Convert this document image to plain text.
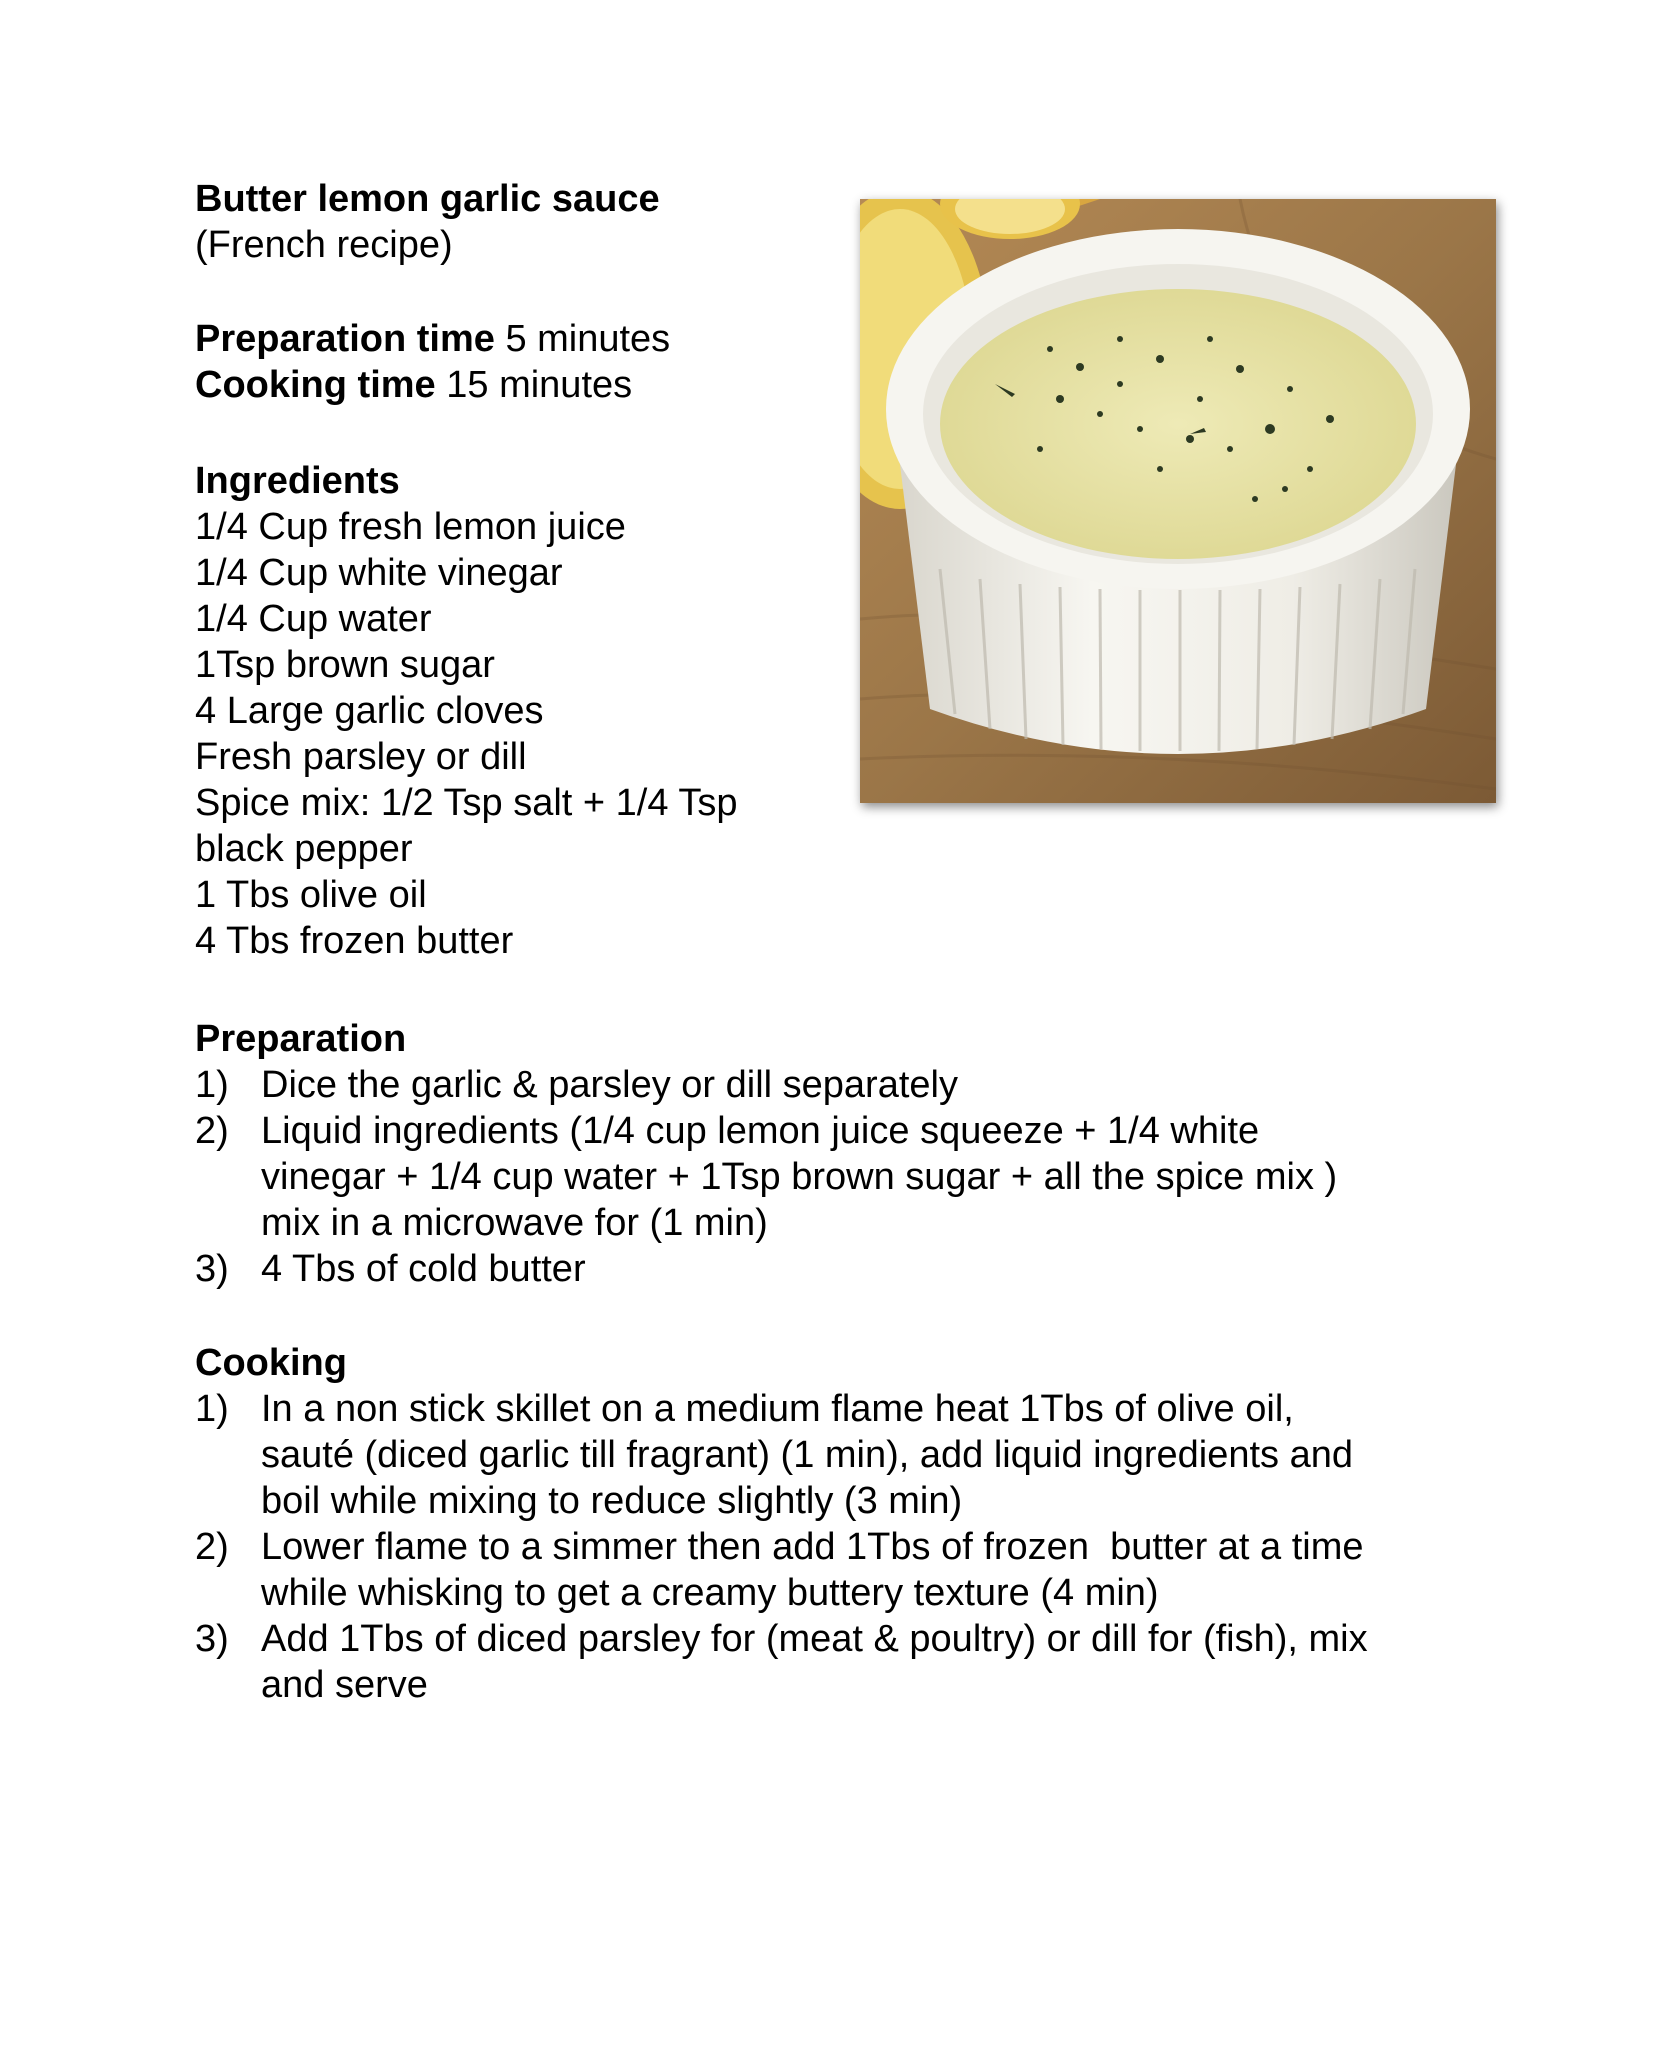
Butter lemon garlic sauce
(French recipe)
Preparation time 5 minutes
Cooking time 15 minutes
Ingredients
1/4 Cup fresh lemon juice
1/4 Cup white vinegar
1/4 Cup water
1Tsp brown sugar
4 Large garlic cloves
Fresh parsley or dill
Spice mix: 1/2 Tsp salt + 1/4 Tsp
black pepper
1 Tbs olive oil
4 Tbs frozen butter
Preparation
1) Dice the garlic & parsley or dill separately
2) Liquid ingredients (1/4 cup lemon juice squeeze + 1/4 white
vinegar + 1/4 cup water + 1Tsp brown sugar + all the spice mix )
mix in a microwave for (1 min)
3) 4 Tbs of cold butter
Cooking
1) In a non stick skillet on a medium flame heat 1Tbs of olive oil,
sauté (diced garlic till fragrant) (1 min), add liquid ingredients and
boil while mixing to reduce slightly (3 min)
2) Lower flame to a simmer then add 1Tbs of frozen  butter at a time
while whisking to get a creamy buttery texture (4 min)
3) Add 1Tbs of diced parsley for (meat & poultry) or dill for (fish), mix
and serve
